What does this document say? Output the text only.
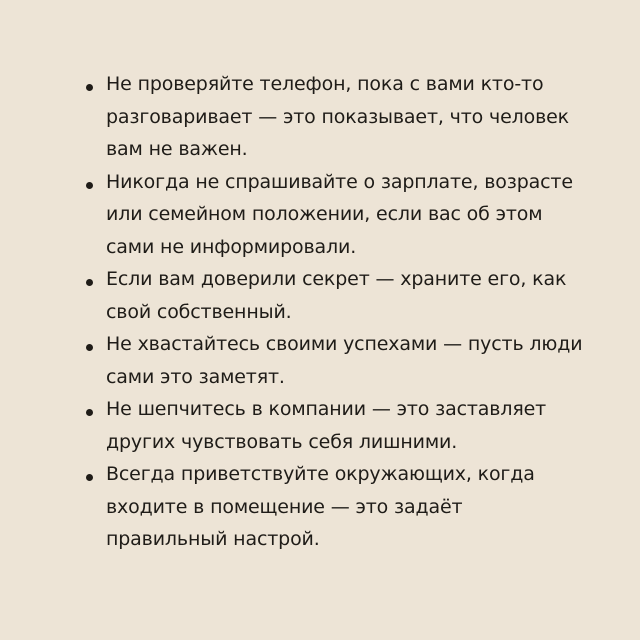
Не проверяйте телефон, пока с вами кто-то
разговаривает — это показывает, что человек
вам не важен.
Никогда не спрашивайте о зарплате, возрасте
или семейном положении, если вас об этом
сами не информировали.
Если вам доверили секрет — храните его, как
свой собственный.
Не хвастайтесь своими успехами — пусть люди
сами это заметят.
Не шепчитесь в компании — это заставляет
других чувствовать себя лишними.
Всегда приветствуйте окружающих, когда
входите в помещение — это задаёт
правильный настрой.
